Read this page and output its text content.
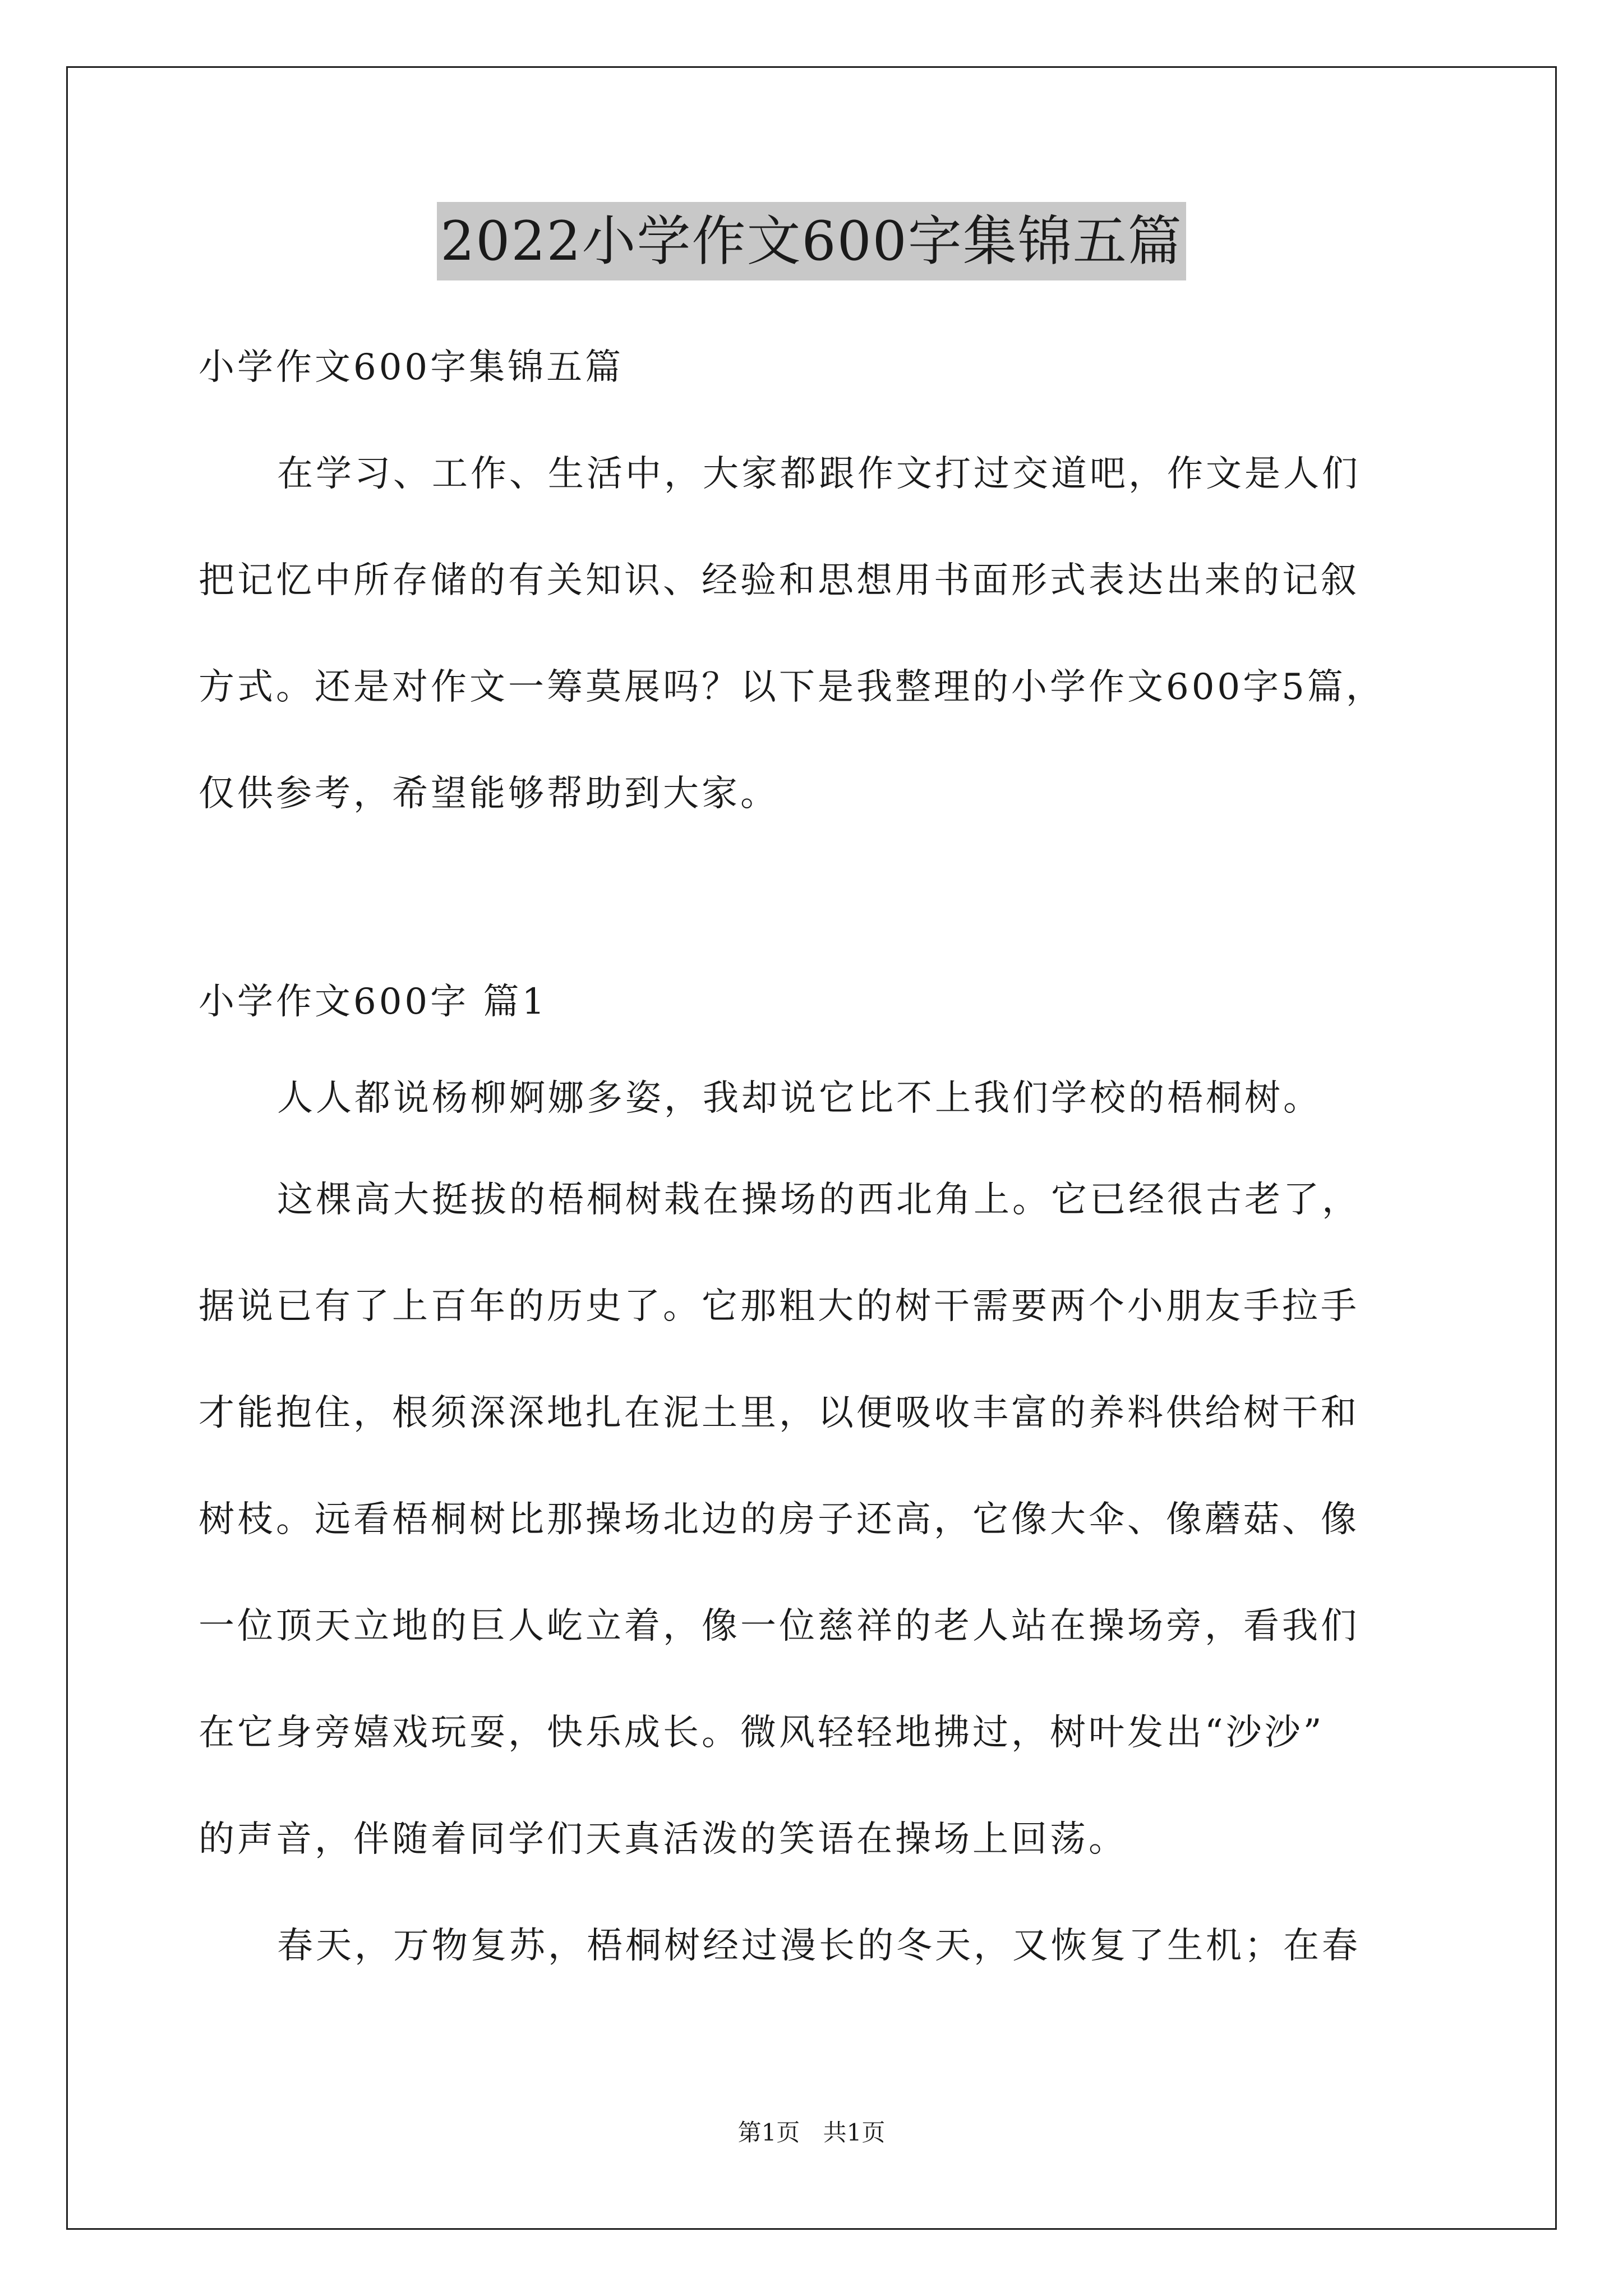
2022小学作文600字集锦五篇

小学作文600字集锦五篇

在学习、工作、生活中，大家都跟作文打过交道吧，作文是人们

把记忆中所存储的有关知识、经验和思想用书面形式表达出来的记叙

方式。还是对作文一筹莫展吗？以下是我整理的小学作文600字5篇，

仅供参考，希望能够帮助到大家。

小学作文600字 篇1

人人都说杨柳婀娜多姿，我却说它比不上我们学校的梧桐树。

这棵高大挺拔的梧桐树栽在操场的西北角上。它已经很古老了，

据说已有了上百年的历史了。它那粗大的树干需要两个小朋友手拉手

才能抱住，根须深深地扎在泥土里，以便吸收丰富的养料供给树干和

树枝。远看梧桐树比那操场北边的房子还高，它像大伞、像蘑菇、像

一位顶天立地的巨人屹立着，像一位慈祥的老人站在操场旁，看我们

在它身旁嬉戏玩耍，快乐成长。微风轻轻地拂过，树叶发出“沙沙”

的声音，伴随着同学们天真活泼的笑语在操场上回荡。

春天，万物复苏，梧桐树经过漫长的冬天，又恢复了生机；在春

第1页 共1页
